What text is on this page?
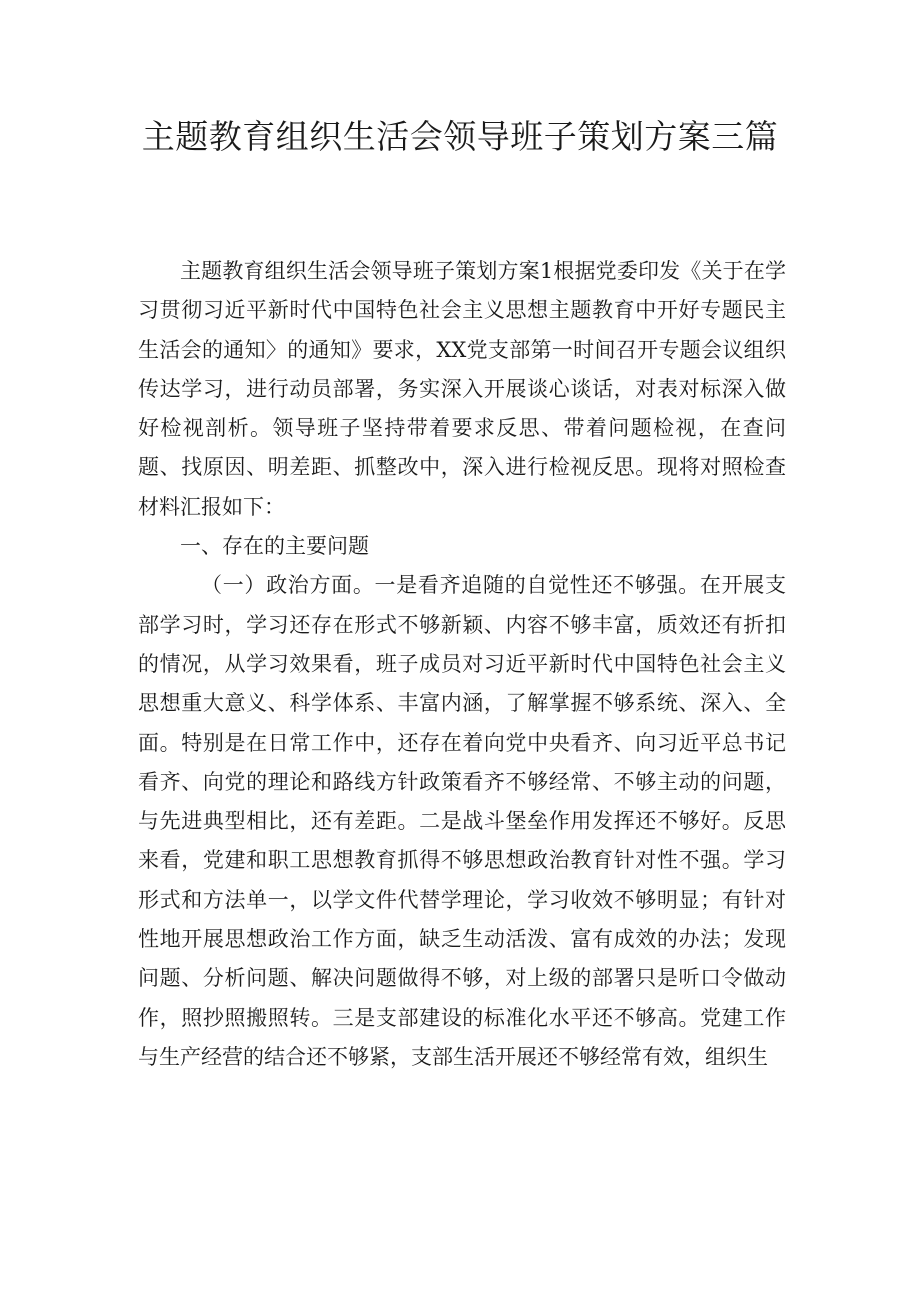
主题教育组织生活会领导班子策划方案三篇

主题教育组织生活会领导班子策划方案1根据党委印发《关于在学习贯彻习近平新时代中国特色社会主义思想主题教育中开好专题民主生活会的通知〉的通知》要求，XX党支部第一时间召开专题会议组织传达学习，进行动员部署，务实深入开展谈心谈话，对表对标深入做好检视剖析。领导班子坚持带着要求反思、带着问题检视，在查问题、找原因、明差距、抓整改中，深入进行检视反思。现将对照检查材料汇报如下：

一、存在的主要问题

（一）政治方面。一是看齐追随的自觉性还不够强。在开展支部学习时，学习还存在形式不够新颖、内容不够丰富，质效还有折扣的情况，从学习效果看，班子成员对习近平新时代中国特色社会主义思想重大意义、科学体系、丰富内涵，了解掌握不够系统、深入、全面。特别是在日常工作中，还存在着向党中央看齐、向习近平总书记看齐、向党的理论和路线方针政策看齐不够经常、不够主动的问题，与先进典型相比，还有差距。二是战斗堡垒作用发挥还不够好。反思来看，党建和职工思想教育抓得不够思想政治教育针对性不强。学习形式和方法单一，以学文件代替学理论，学习收效不够明显；有针对性地开展思想政治工作方面，缺乏生动活泼、富有成效的办法；发现问题、分析问题、解决问题做得不够，对上级的部署只是听口令做动作，照抄照搬照转。三是支部建设的标准化水平还不够高。党建工作与生产经营的结合还不够紧，支部生活开展还不够经常有效，组织生
